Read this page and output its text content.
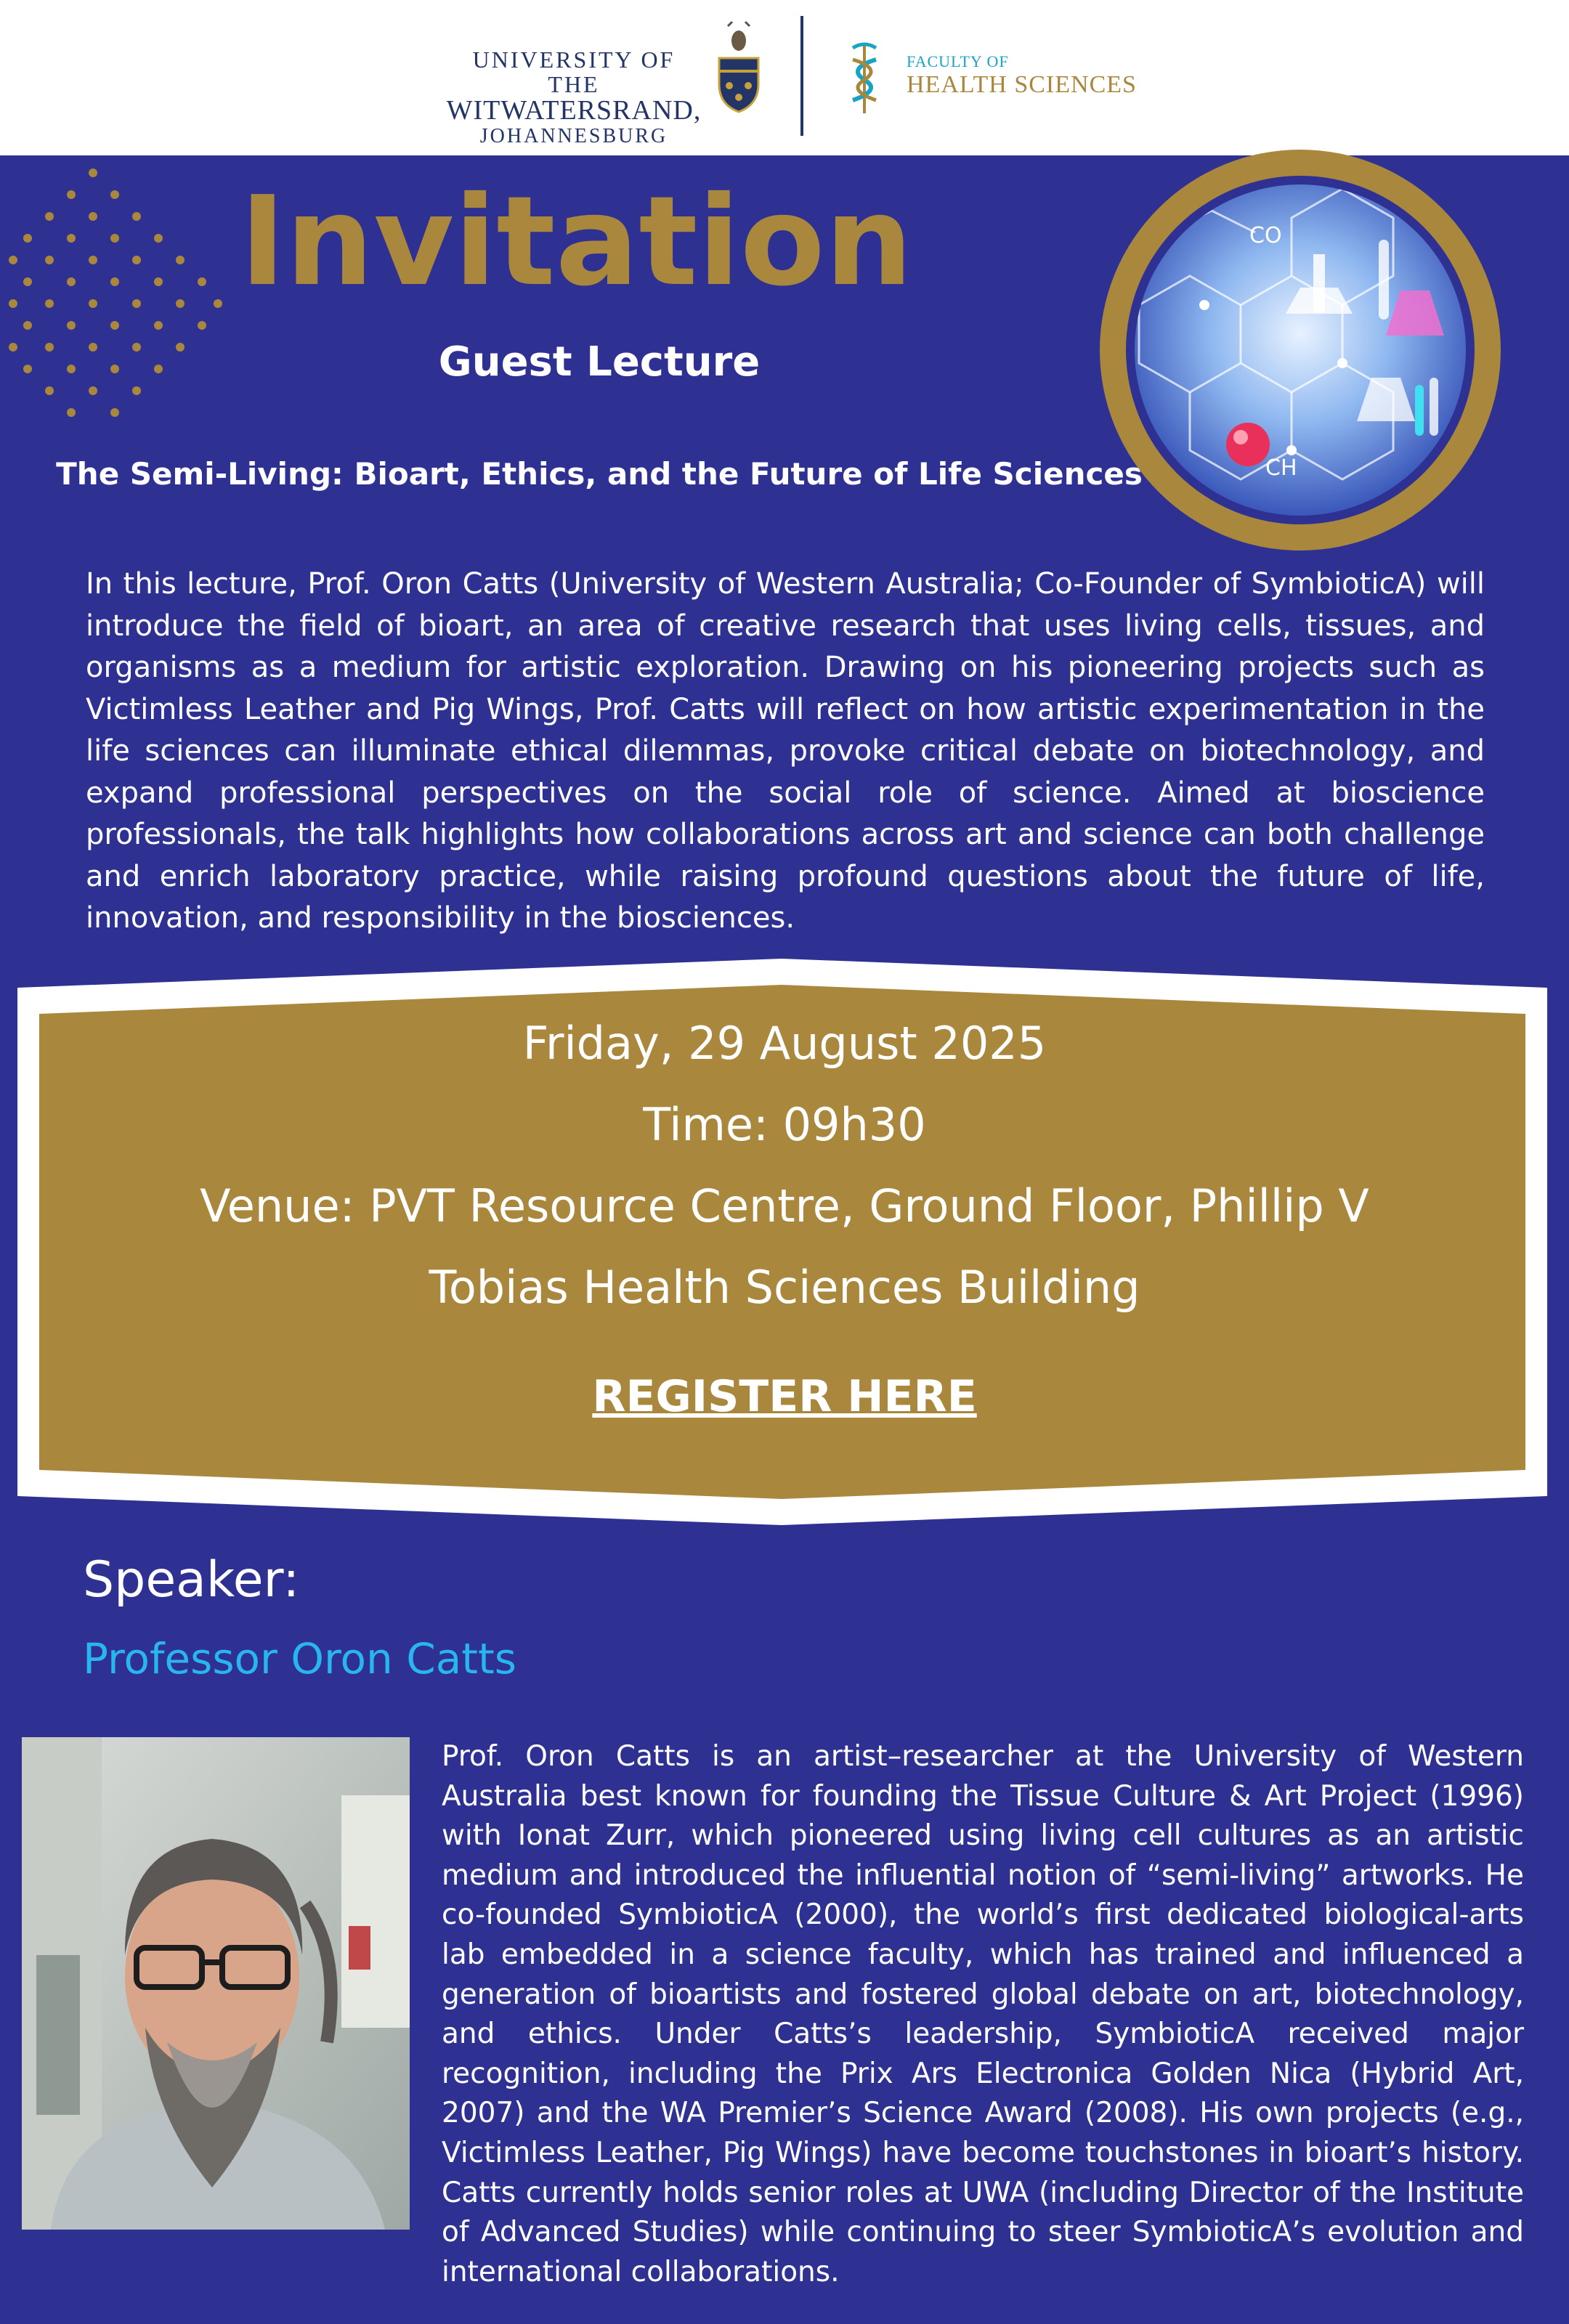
UNIVERSITY OF THE
WITWATERSRAND,
JOHANNESBURG
FACULTY OF
HEALTH SCIENCES
Invitation
Guest Lecture
The Semi-Living: Bioart, Ethics, and the Future of Life Sciences
CO
CH
In this lecture, Prof. Oron Catts (University of Western Australia; Co-Founder of SymbioticA) will introduce the field of bioart, an area of creative research that uses living cells, tissues, and organisms as a medium for artistic exploration. Drawing on his pioneering projects such as Victimless Leather and Pig Wings, Prof. Catts will reflect on how artistic experimentation in the life sciences can illuminate ethical dilemmas, provoke critical debate on biotechnology, and expand professional perspectives on the social role of science. Aimed at bioscience professionals, the talk highlights how collaborations across art and science can both challenge and enrich laboratory practice, while raising profound questions about the future of life, innovation, and responsibility in the biosciences.
Friday, 29 August 2025
Time: 09h30
Venue: PVT Resource Centre, Ground Floor, Phillip V
Tobias Health Sciences Building
REGISTER HERE
Speaker:
Professor Oron Catts
Prof. Oron Catts is an artist–researcher at the University of Western Australia best known for founding the Tissue Culture & Art Project (1996) with Ionat Zurr, which pioneered using living cell cultures as an artistic medium and introduced the influential notion of “semi-living” artworks. He co-founded SymbioticA (2000), the world’s first dedicated biological-arts lab embedded in a science faculty, which has trained and influenced a generation of bioartists and fostered global debate on art, biotechnology, and ethics. Under Catts’s leadership, SymbioticA received major recognition, including the Prix Ars Electronica Golden Nica (Hybrid Art, 2007) and the WA Premier’s Science Award (2008). His own projects (e.g., Victimless Leather, Pig Wings) have become touchstones in bioart’s history. Catts currently holds senior roles at UWA (including Director of the Institute of Advanced Studies) while continuing to steer SymbioticA’s evolution and international collaborations.
